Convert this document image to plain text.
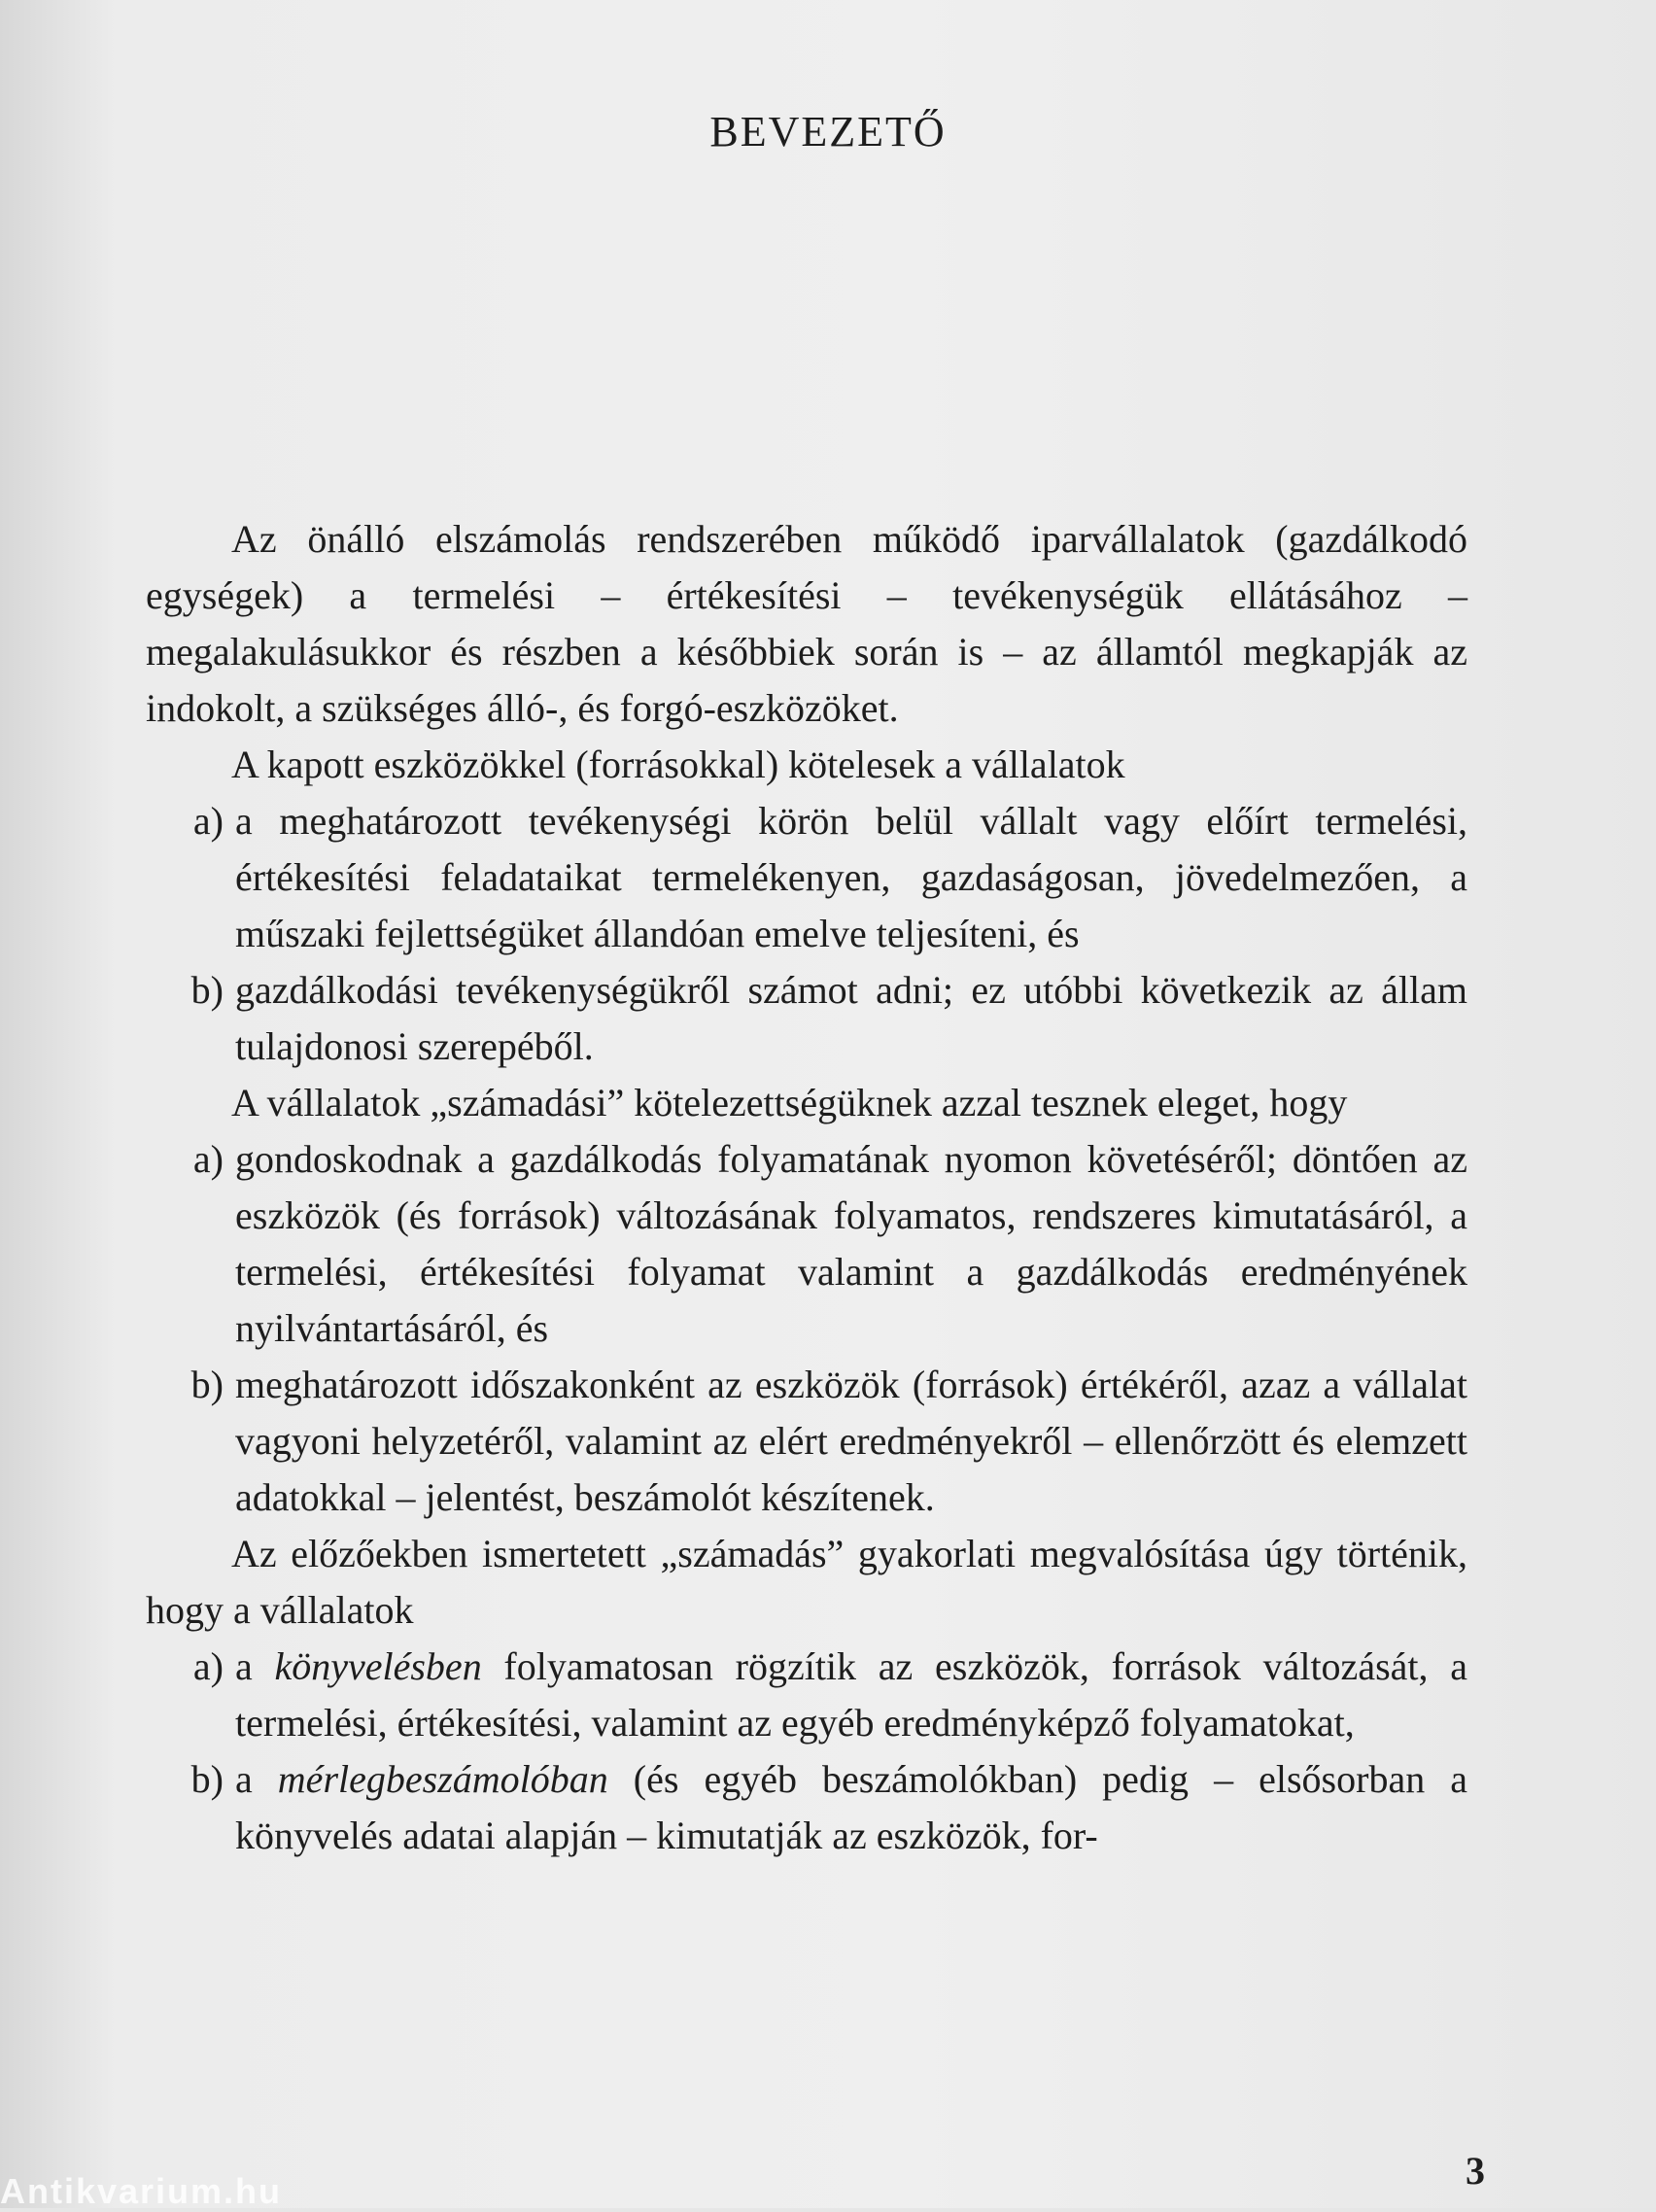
BEVEZETŐ

Az önálló elszámolás rendszerében működő iparvállalatok (gazdálkodó egységek) a termelési – értékesítési – tevékenységük ellátásához – megalakulásukkor és részben a későbbiek során is – az államtól megkapják az indokolt, a szükséges álló-, és forgó-eszközöket.

A kapott eszközökkel (forrásokkal) kötelesek a vállalatok

a) a meghatározott tevékenységi körön belül vállalt vagy előírt termelési, értékesítési feladataikat termelékenyen, gazdaságosan, jövedelmezően, a műszaki fejlettségüket állandóan emelve teljesíteni, és
b) gazdálkodási tevékenységükről számot adni; ez utóbbi következik az állam tulajdonosi szerepéből.

A vállalatok „számadási” kötelezettségüknek azzal tesznek eleget, hogy

a) gondoskodnak a gazdálkodás folyamatának nyomon követéséről; döntően az eszközök (és források) változásának folyamatos, rendszeres kimutatásáról, a termelési, értékesítési folyamat valamint a gazdálkodás eredményének nyilvántartásáról, és
b) meghatározott időszakonként az eszközök (források) értékéről, azaz a vállalat vagyoni helyzetéről, valamint az elért eredményekről – ellenőrzött és elemzett adatokkal – jelentést, beszámolót készítenek.

Az előzőekben ismertetett „számadás” gyakorlati megvalósítása úgy történik, hogy a vállalatok

a) a könyvelésben folyamatosan rögzítik az eszközök, források változását, a termelési, értékesítési, valamint az egyéb eredményképző folyamatokat,
b) a mérlegbeszámolóban (és egyéb beszámolókban) pedig – elsősorban a könyvelés adatai alapján – kimutatják az eszközök, for-
3
Antikvarium.hu
